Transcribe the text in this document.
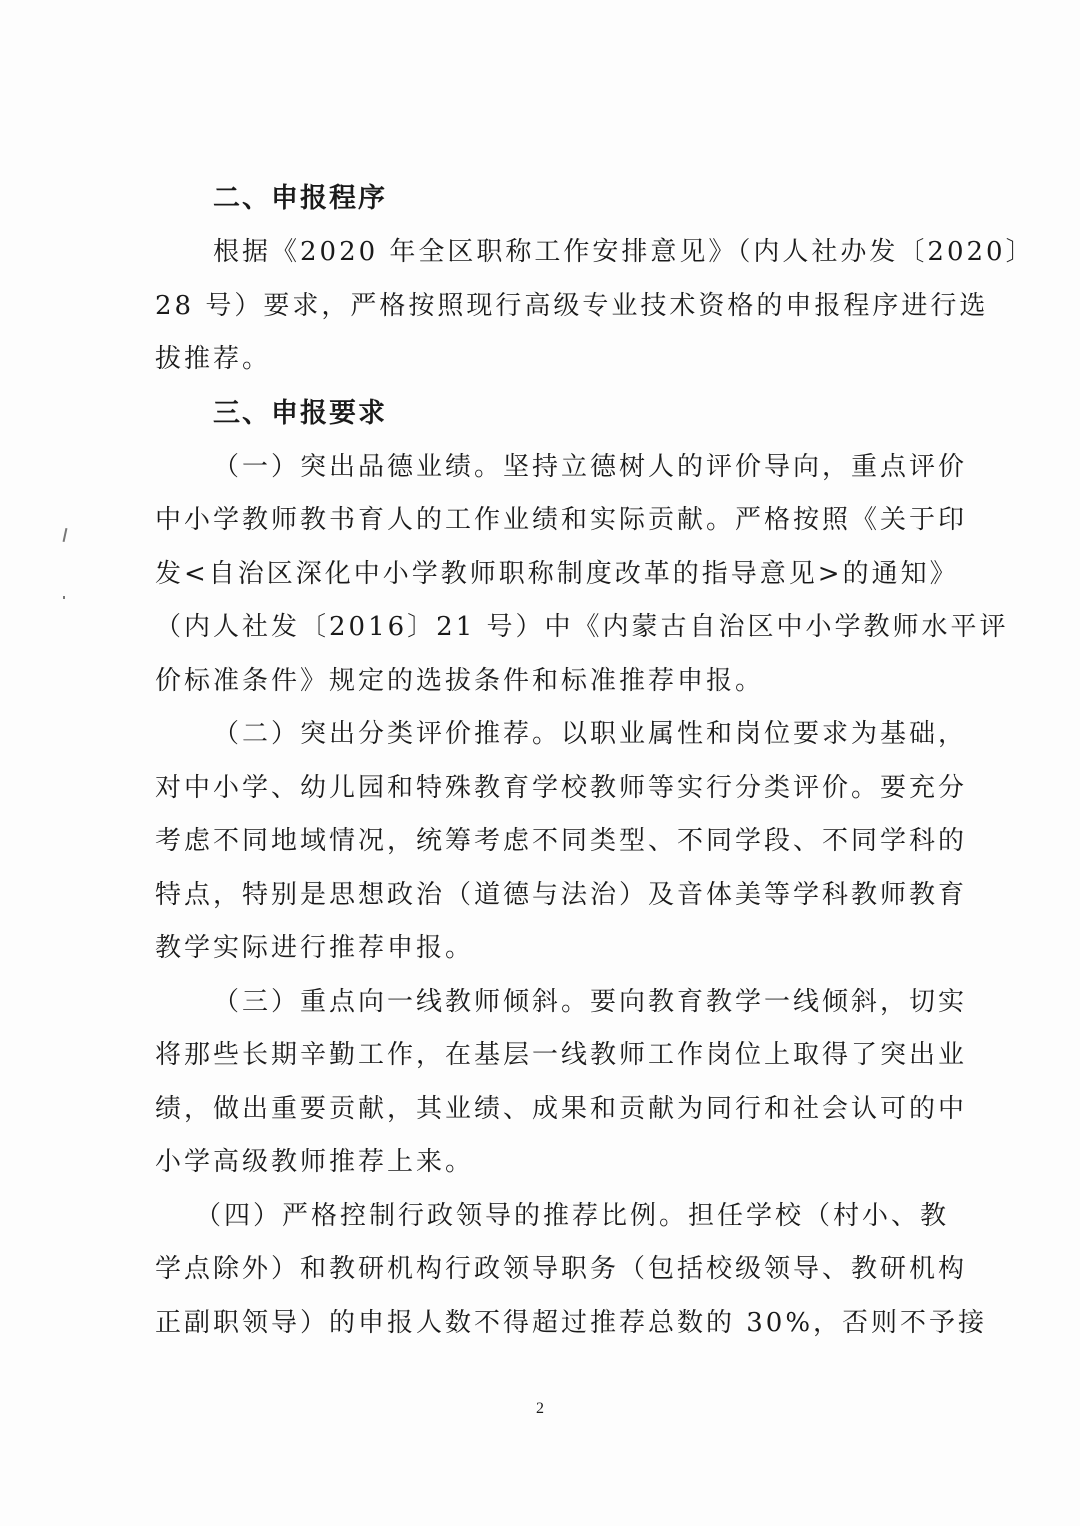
二、申报程序

根据《2020 年全区职称工作安排意见》（内人社办发〔2020〕
28 号）要求，严格按照现行高级专业技术资格的申报程序进行选
拔推荐。

三、申报要求

（一）突出品德业绩。坚持立德树人的评价导向，重点评价
中小学教师教书育人的工作业绩和实际贡献。严格按照《关于印
发<自治区深化中小学教师职称制度改革的指导意见>的通知》
（内人社发〔2016〕21 号）中《内蒙古自治区中小学教师水平评
价标准条件》规定的选拔条件和标准推荐申报。

（二）突出分类评价推荐。以职业属性和岗位要求为基础，
对中小学、幼儿园和特殊教育学校教师等实行分类评价。要充分
考虑不同地域情况，统筹考虑不同类型、不同学段、不同学科的
特点，特别是思想政治（道德与法治）及音体美等学科教师教育
教学实际进行推荐申报。

（三）重点向一线教师倾斜。要向教育教学一线倾斜，切实
将那些长期辛勤工作，在基层一线教师工作岗位上取得了突出业
绩，做出重要贡献，其业绩、成果和贡献为同行和社会认可的中
小学高级教师推荐上来。

（四）严格控制行政领导的推荐比例。担任学校（村小、教
学点除外）和教研机构行政领导职务（包括校级领导、教研机构
正副职领导）的申报人数不得超过推荐总数的 30%，否则不予接

2
